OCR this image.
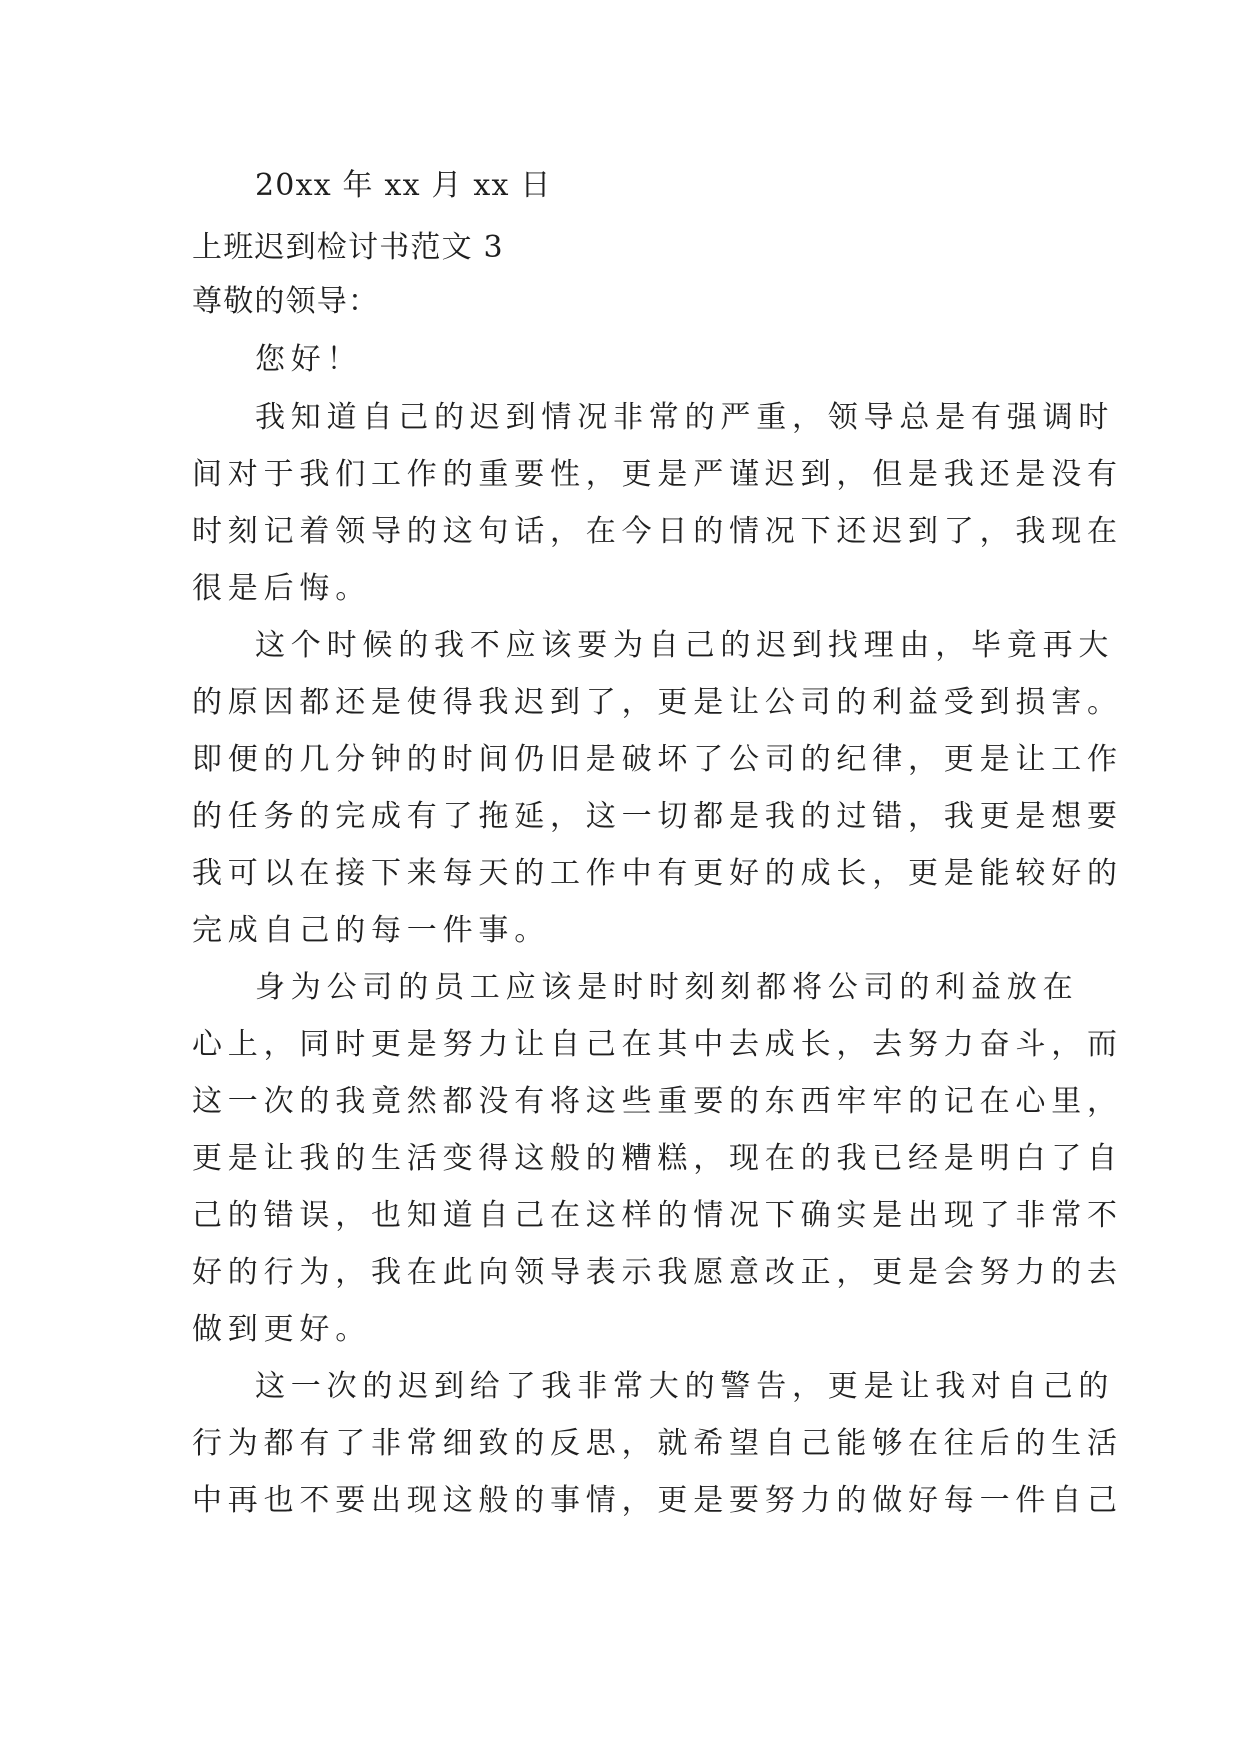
20xx 年 xx 月 xx 日

上班迟到检讨书范文 3

尊敬的领导：

您好！

我知道自己的迟到情况非常的严重，领导总是有强调时

间对于我们工作的重要性，更是严谨迟到，但是我还是没有

时刻记着领导的这句话，在今日的情况下还迟到了，我现在

很是后悔。

这个时候的我不应该要为自己的迟到找理由，毕竟再大

的原因都还是使得我迟到了，更是让公司的利益受到损害。

即便的几分钟的时间仍旧是破坏了公司的纪律，更是让工作

的任务的完成有了拖延，这一切都是我的过错，我更是想要

我可以在接下来每天的工作中有更好的成长，更是能较好的

完成自己的每一件事。

身为公司的员工应该是时时刻刻都将公司的利益放在

心上，同时更是努力让自己在其中去成长，去努力奋斗，而

这一次的我竟然都没有将这些重要的东西牢牢的记在心里，

更是让我的生活变得这般的糟糕，现在的我已经是明白了自

己的错误，也知道自己在这样的情况下确实是出现了非常不

好的行为，我在此向领导表示我愿意改正，更是会努力的去

做到更好。

这一次的迟到给了我非常大的警告，更是让我对自己的

行为都有了非常细致的反思，就希望自己能够在往后的生活

中再也不要出现这般的事情，更是要努力的做好每一件自己
